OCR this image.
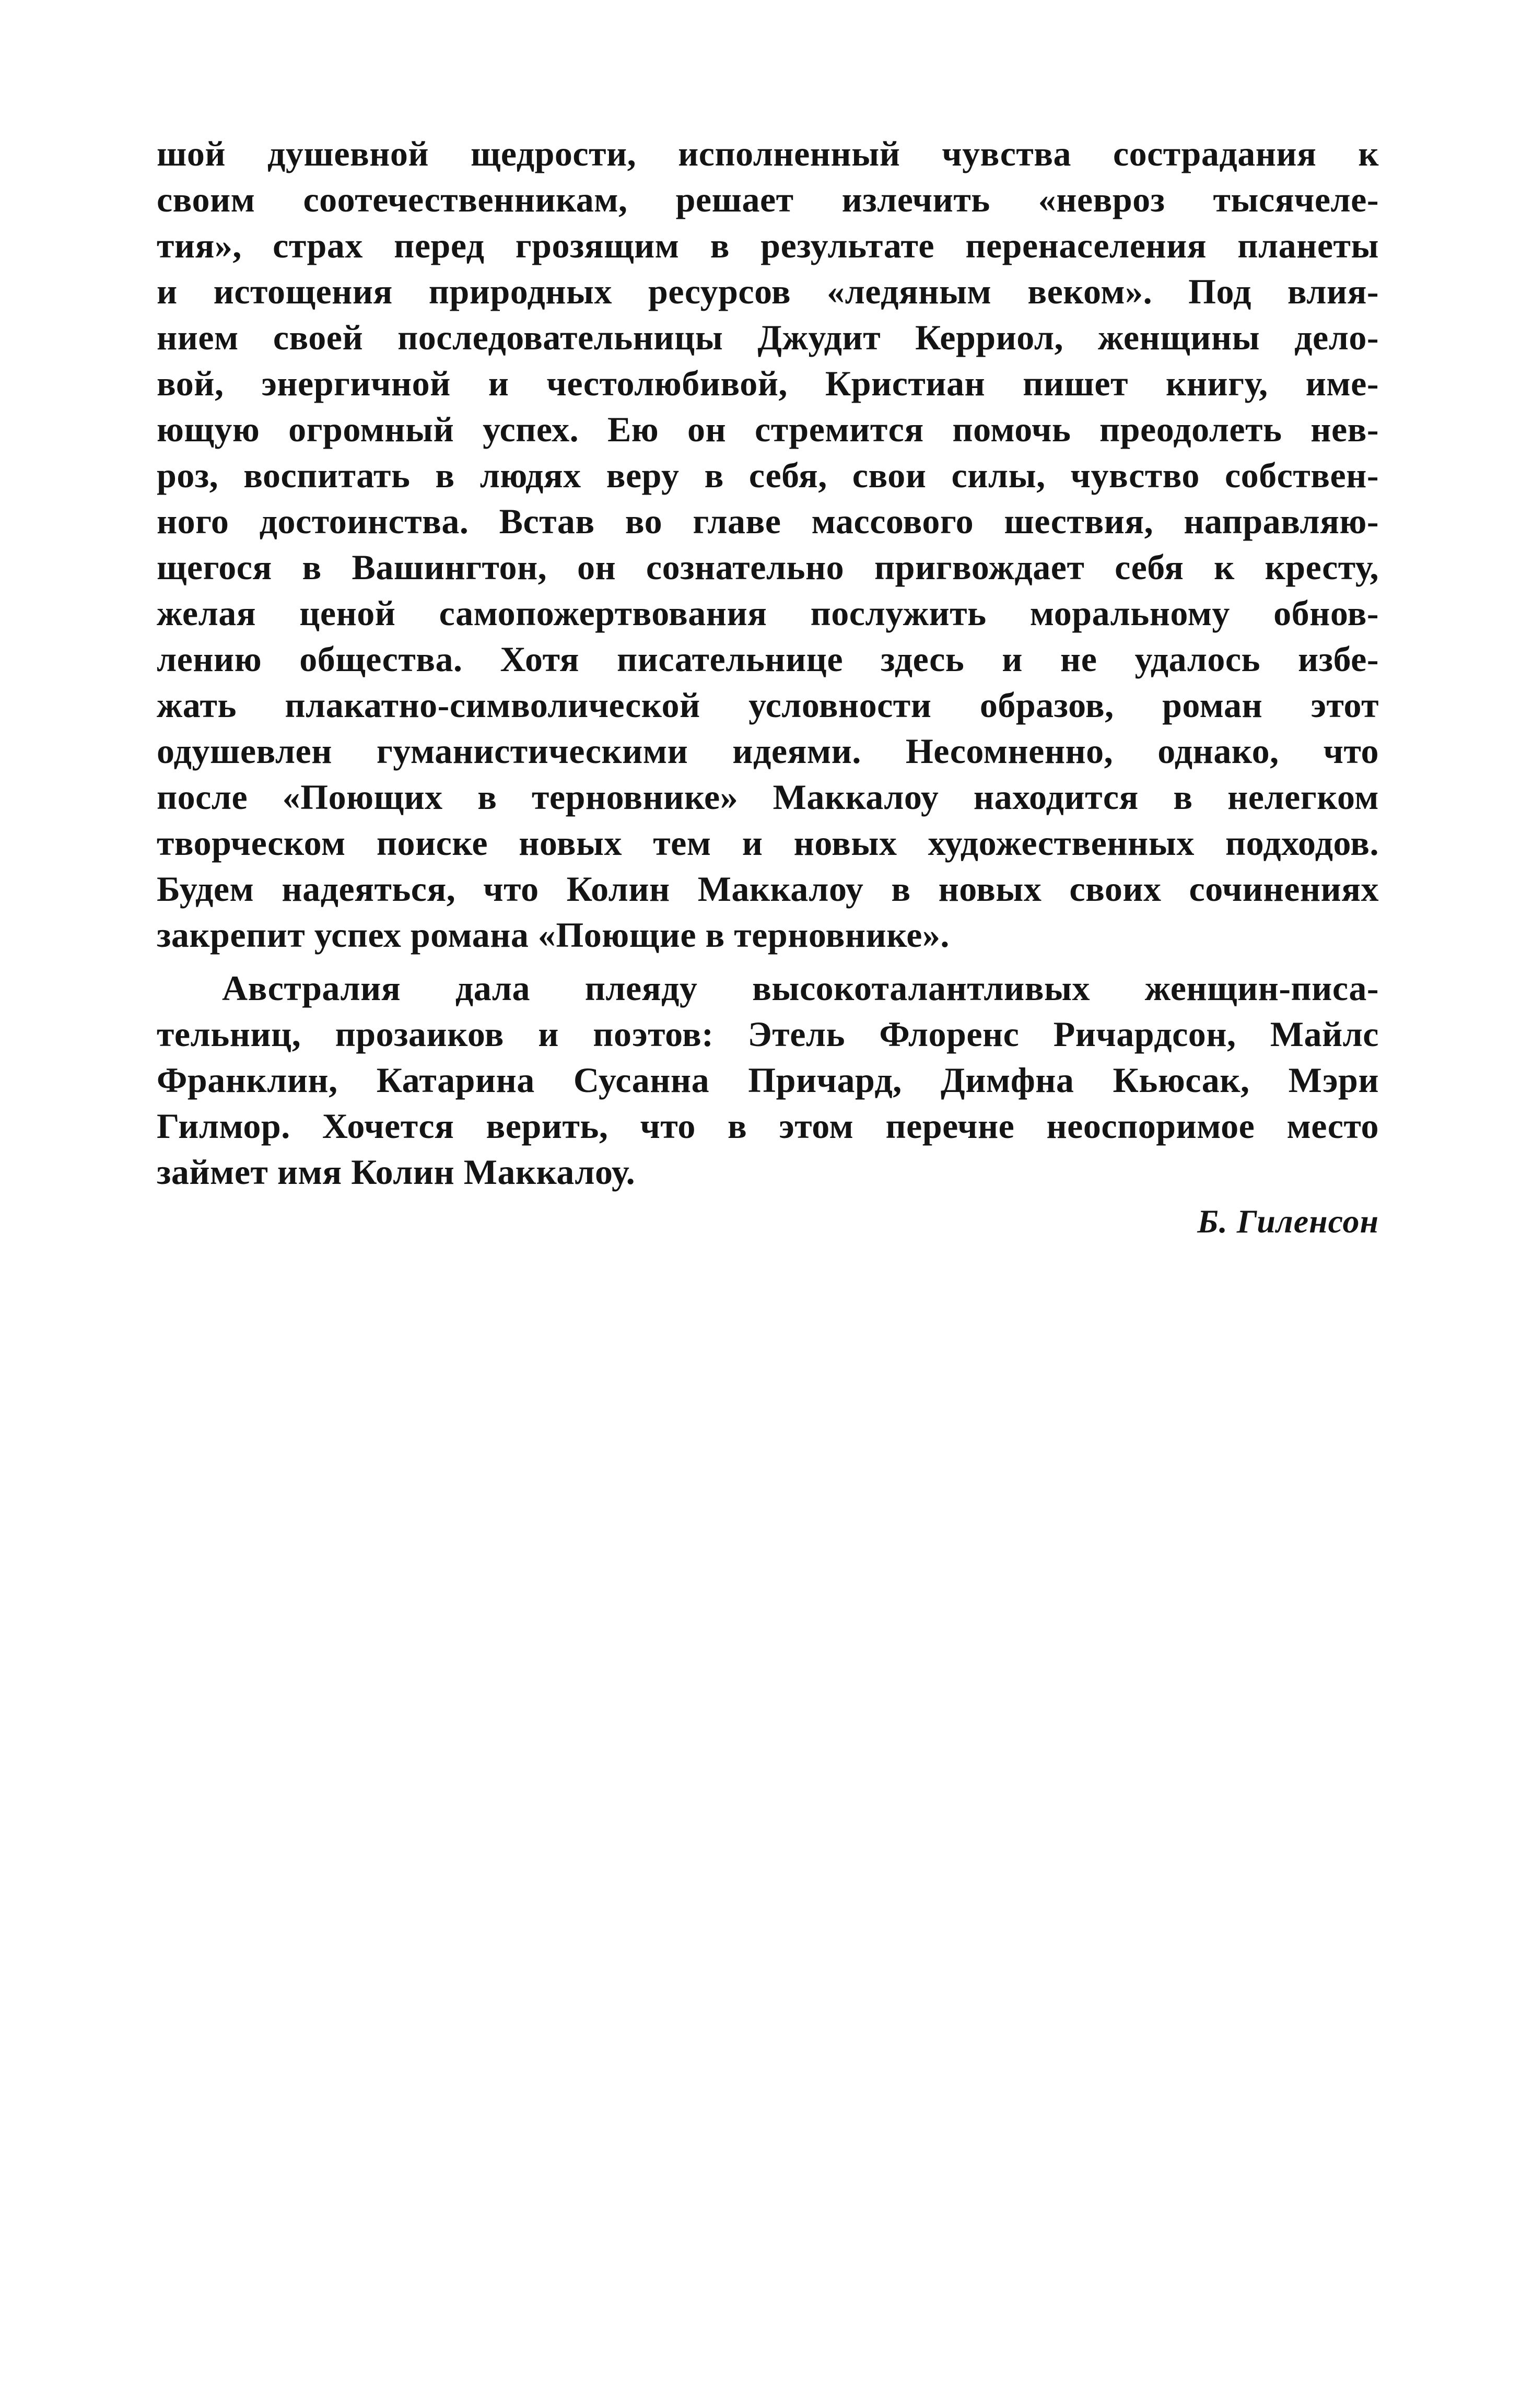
шой душевной щедрости, исполненный чувства сострадания к
своим соотечественникам, решает излечить «невроз тысячеле-
тия», страх перед грозящим в результате перенаселения планеты
и истощения природных ресурсов «ледяным веком». Под влия-
нием своей последовательницы Джудит Керриол, женщины дело-
вой, энергичной и честолюбивой, Кристиан пишет книгу, име-
ющую огромный успех. Ею он стремится помочь преодолеть нев-
роз, воспитать в людях веру в себя, свои силы, чувство собствен-
ного достоинства. Встав во главе массового шествия, направляю-
щегося в Вашингтон, он сознательно пригвождает себя к кресту,
желая ценой самопожертвования послужить моральному обнов-
лению общества. Хотя писательнице здесь и не удалось избе-
жать плакатно-символической условности образов, роман этот
одушевлен гуманистическими идеями. Несомненно, однако, что
после «Поющих в терновнике» Маккалоу находится в нелегком
творческом поиске новых тем и новых художественных подходов.
Будем надеяться, что Колин Маккалоу в новых своих сочинениях
закрепит успех романа «Поющие в терновнике».
Австралия дала плеяду высокоталантливых женщин-писа-
тельниц, прозаиков и поэтов: Этель Флоренс Ричардсон, Майлс
Франклин, Катарина Сусанна Причард, Димфна Кьюсак, Мэри
Гилмор. Хочется верить, что в этом перечне неоспоримое место
займет имя Колин Маккалоу.
Б. Гиленсон
